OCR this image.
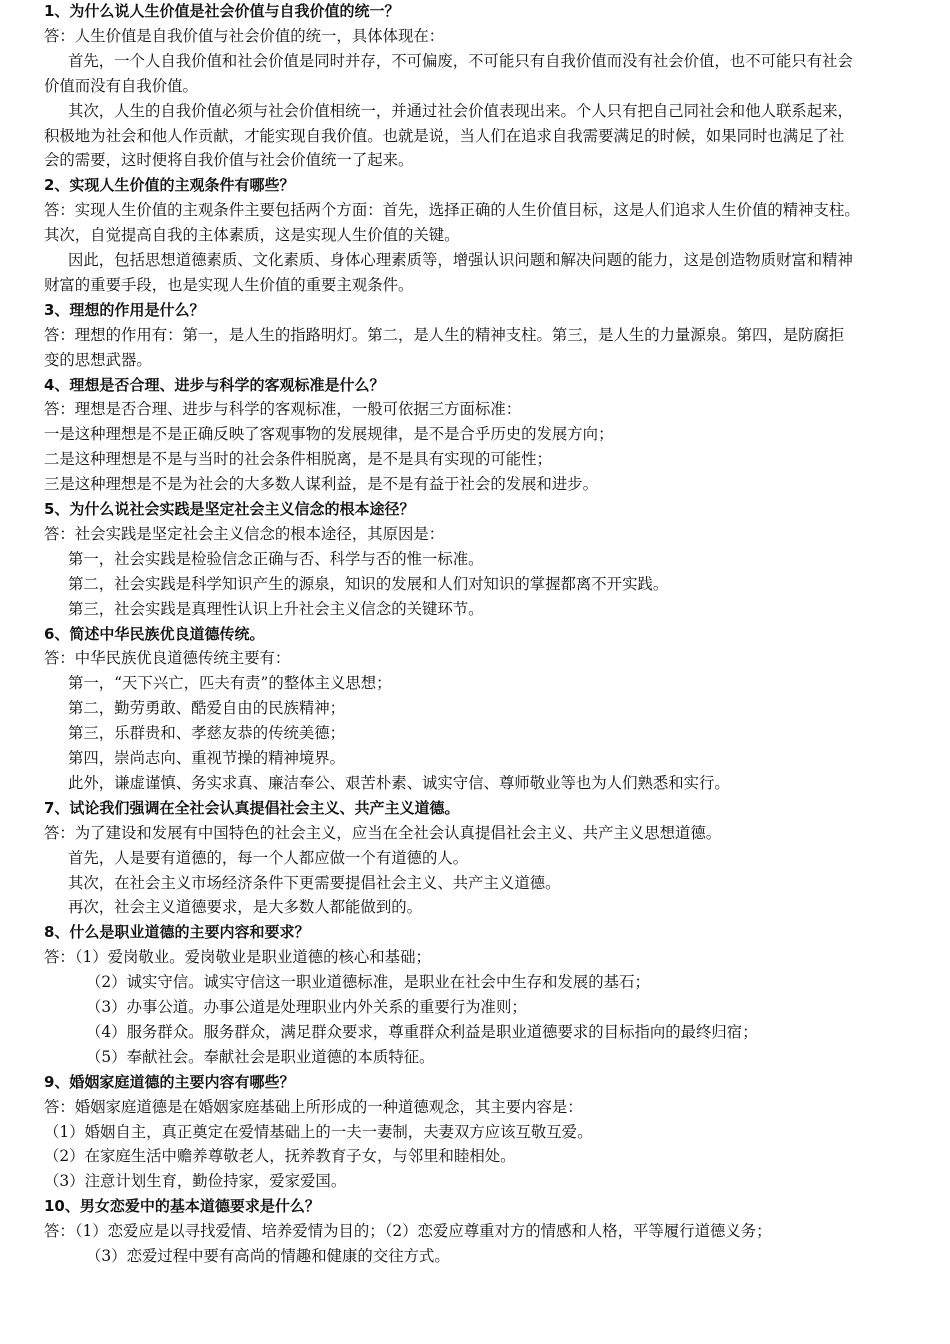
1、为什么说人生价值是社会价值与自我价值的统一？
答：人生价值是自我价值与社会价值的统一，具体体现在：
首先，一个人自我价值和社会价值是同时并存，不可偏废，不可能只有自我价值而没有社会价值，也不可能只有社会
价值而没有自我价值。
其次，人生的自我价值必须与社会价值相统一，并通过社会价值表现出来。个人只有把自己同社会和他人联系起来，
积极地为社会和他人作贡献，才能实现自我价值。也就是说，当人们在追求自我需要满足的时候，如果同时也满足了社
会的需要，这时便将自我价值与社会价值统一了起来。
2、实现人生价值的主观条件有哪些？
答：实现人生价值的主观条件主要包括两个方面：首先，选择正确的人生价值目标，这是人们追求人生价值的精神支柱。
其次，自觉提高自我的主体素质，这是实现人生价值的关键。
因此，包括思想道德素质、文化素质、身体心理素质等，增强认识问题和解决问题的能力，这是创造物质财富和精神
财富的重要手段，也是实现人生价值的重要主观条件。
3、理想的作用是什么？
答：理想的作用有：第一，是人生的指路明灯。第二，是人生的精神支柱。第三，是人生的力量源泉。第四，是防腐拒
变的思想武器。
4、理想是否合理、进步与科学的客观标准是什么？
答：理想是否合理、进步与科学的客观标准，一般可依据三方面标准：
一是这种理想是不是正确反映了客观事物的发展规律，是不是合乎历史的发展方向；
二是这种理想是不是与当时的社会条件相脱离，是不是具有实现的可能性；
三是这种理想是不是为社会的大多数人谋利益，是不是有益于社会的发展和进步。
5、为什么说社会实践是坚定社会主义信念的根本途径？
答：社会实践是坚定社会主义信念的根本途径，其原因是：
第一，社会实践是检验信念正确与否、科学与否的惟一标准。
第二，社会实践是科学知识产生的源泉，知识的发展和人们对知识的掌握都离不开实践。
第三，社会实践是真理性认识上升社会主义信念的关键环节。
6、简述中华民族优良道德传统。
答：中华民族优良道德传统主要有：
第一，“天下兴亡，匹夫有责”的整体主义思想；
第二，勤劳勇敢、酷爱自由的民族精神；
第三，乐群贵和、孝慈友恭的传统美德；
第四，崇尚志向、重视节操的精神境界。
此外，谦虚谨慎、务实求真、廉洁奉公、艰苦朴素、诚实守信、尊师敬业等也为人们熟悉和实行。
7、试论我们强调在全社会认真提倡社会主义、共产主义道德。
答：为了建设和发展有中国特色的社会主义，应当在全社会认真提倡社会主义、共产主义思想道德。
首先，人是要有道德的，每一个人都应做一个有道德的人。
其次，在社会主义市场经济条件下更需要提倡社会主义、共产主义道德。
再次，社会主义道德要求，是大多数人都能做到的。
8、什么是职业道德的主要内容和要求？
答：（1）爱岗敬业。爱岗敬业是职业道德的核心和基础；
（2）诚实守信。诚实守信这一职业道德标准，是职业在社会中生存和发展的基石；
（3）办事公道。办事公道是处理职业内外关系的重要行为准则；
（4）服务群众。服务群众，满足群众要求，尊重群众利益是职业道德要求的目标指向的最终归宿；
（5）奉献社会。奉献社会是职业道德的本质特征。
9、婚姻家庭道德的主要内容有哪些？
答：婚姻家庭道德是在婚姻家庭基础上所形成的一种道德观念，其主要内容是：
（1）婚姻自主，真正奠定在爱情基础上的一夫一妻制，夫妻双方应该互敬互爱。
（2）在家庭生活中赡养尊敬老人，抚养教育子女，与邻里和睦相处。
（3）注意计划生育，勤俭持家，爱家爱国。
10、男女恋爱中的基本道德要求是什么？
答：（1）恋爱应是以寻找爱情、培养爱情为目的；（2）恋爱应尊重对方的情感和人格，平等履行道德义务；
（3）恋爱过程中要有高尚的情趣和健康的交往方式。
